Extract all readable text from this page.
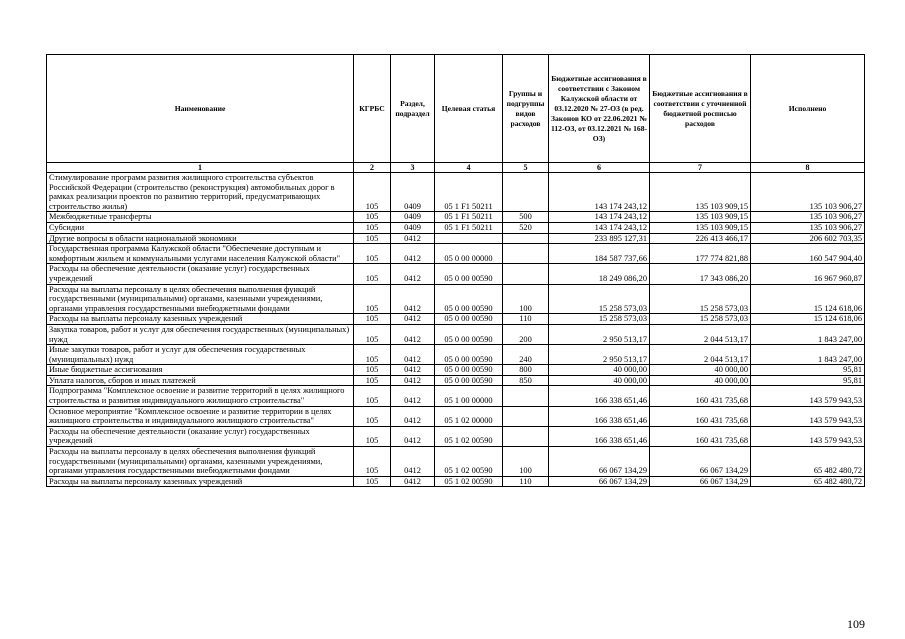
Наименование	КГРБС	Раздел, подраздел	Целевая статья	Группы и подгруппы видов расходов	Бюджетные ассигнования в соответствии с Законом Калужской области от 03.12.2020 № 27-ОЗ (в ред. Законов КО от 22.06.2021 № 112-ОЗ, от 03.12.2021 № 168-ОЗ)	Бюджетные ассигнования в соответствии с уточненной бюджетной росписью расходов	Исполнено
1	2	3	4	5	6	7	8
Стимулирование программ развития жилищного строительства субъектов Российской Федерации (строительство (реконструкция) автомобильных дорог в рамках реализации проектов по развитию территорий, предусматривающих строительство жилья)	105	0409	05 1 F1 50211		143 174 243,12	135 103 909,15	135 103 906,27
Межбюджетные трансферты	105	0409	05 1 F1 50211	500	143 174 243,12	135 103 909,15	135 103 906,27
Субсидии	105	0409	05 1 F1 50211	520	143 174 243,12	135 103 909,15	135 103 906,27
Другие вопросы в области национальной экономики	105	0412			233 895 127,31	226 413 466,17	206 602 703,35
Государственная программа Калужской области "Обеспечение доступным и комфортным жильем и коммунальными услугами населения Калужской области"	105	0412	05 0 00 00000		184 587 737,66	177 774 821,88	160 547 904,40
Расходы на обеспечение деятельности (оказание услуг) государственных учреждений	105	0412	05 0 00 00590		18 249 086,20	17 343 086,20	16 967 960,87
Расходы на выплаты персоналу в целях обеспечения выполнения функций государственными (муниципальными) органами, казенными учреждениями, органами управления государственными внебюджетными фондами	105	0412	05 0 00 00590	100	15 258 573,03	15 258 573,03	15 124 618,06
Расходы на выплаты персоналу казенных учреждений	105	0412	05 0 00 00590	110	15 258 573,03	15 258 573,03	15 124 618,06
Закупка товаров, работ и услуг для обеспечения государственных (муниципальных) нужд	105	0412	05 0 00 00590	200	2 950 513,17	2 044 513,17	1 843 247,00
Иные закупки товаров, работ и услуг для обеспечения государственных (муниципальных) нужд	105	0412	05 0 00 00590	240	2 950 513,17	2 044 513,17	1 843 247,00
Иные бюджетные ассигнования	105	0412	05 0 00 00590	800	40 000,00	40 000,00	95,81
Уплата налогов, сборов и иных платежей	105	0412	05 0 00 00590	850	40 000,00	40 000,00	95,81
Подпрограмма "Комплексное освоение и развитие территорий в целях жилищного строительства и развития индивидуального жилищного строительства"	105	0412	05 1 00 00000		166 338 651,46	160 431 735,68	143 579 943,53
Основное мероприятие "Комплексное освоение и развитие территории в целях жилищного строительства и индивидуального жилищного строительства"	105	0412	05 1 02 00000		166 338 651,46	160 431 735,68	143 579 943,53
Расходы на обеспечение деятельности (оказание услуг) государственных учреждений	105	0412	05 1 02 00590		166 338 651,46	160 431 735,68	143 579 943,53
Расходы на выплаты персоналу в целях обеспечения выполнения функций государственными (муниципальными) органами, казенными учреждениями, органами управления государственными внебюджетными фондами	105	0412	05 1 02 00590	100	66 067 134,29	66 067 134,29	65 482 480,72
Расходы на выплаты персоналу казенных учреждений	105	0412	05 1 02 00590	110	66 067 134,29	66 067 134,29	65 482 480,72
109
